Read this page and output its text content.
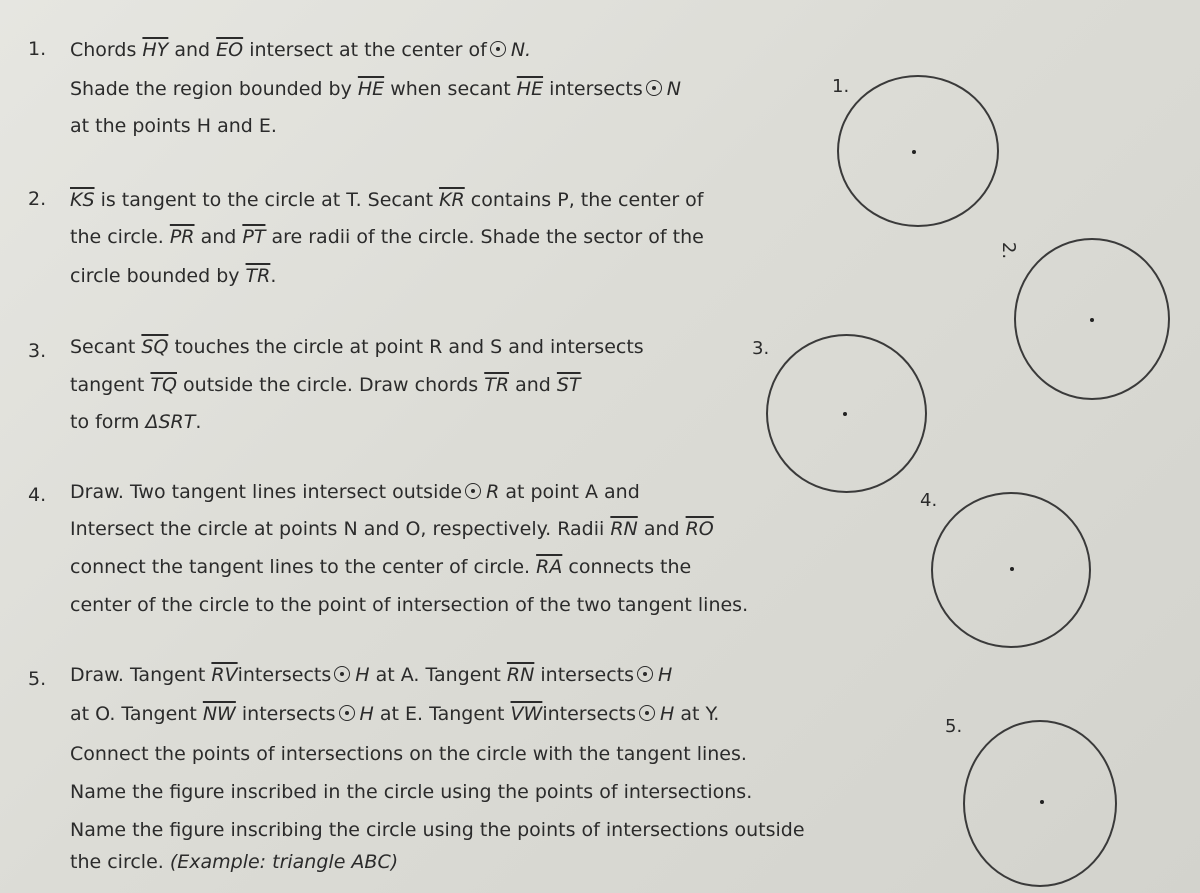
1. Chords $\overline{HY}$ and $\overline{EO}$ intersect at the center of N.
Shade the region bounded by $\overline{HE}$ when secant $\overline{HE}$ intersects N
at the points H and E.
2. $\overline{KS}$ is tangent to the circle at T. Secant $\overline{KR}$ contains P, the center of
the circle. $\overline{PR}$ and $\overline{PT}$ are radii of the circle. Shade the sector of the
circle bounded by $\overline{TR}$.
3. Secant $\overline{SQ}$ touches the circle at point R and S and intersects
tangent $\overline{TQ}$ outside the circle. Draw chords $\overline{TR}$ and $\overline{ST}$
to form ΔSRT.
4. Draw. Two tangent lines intersect outside R at point A and
Intersect the circle at points N and O, respectively. Radii $\overline{RN}$ and $\overline{RO}$
connect the tangent lines to the center of circle. $\overline{RA}$ connects the
center of the circle to the point of intersection of the two tangent lines.
5. Draw. Tangent $\overline{RV}intersects$ H at A. Tangent $\overline{RN}$ intersects H
at O. Tangent $\overline{NW}$ intersects H at E. Tangent $\overline{VW}intersects$ H at Y.
Connect the points of intersections on the circle with the tangent lines.
Name the figure inscribed in the circle using the points of intersections.
Name the figure inscribing the circle using the points of intersections outside
the circle. (Example: triangle ABC)
1.
2.
3.
4.
5.
